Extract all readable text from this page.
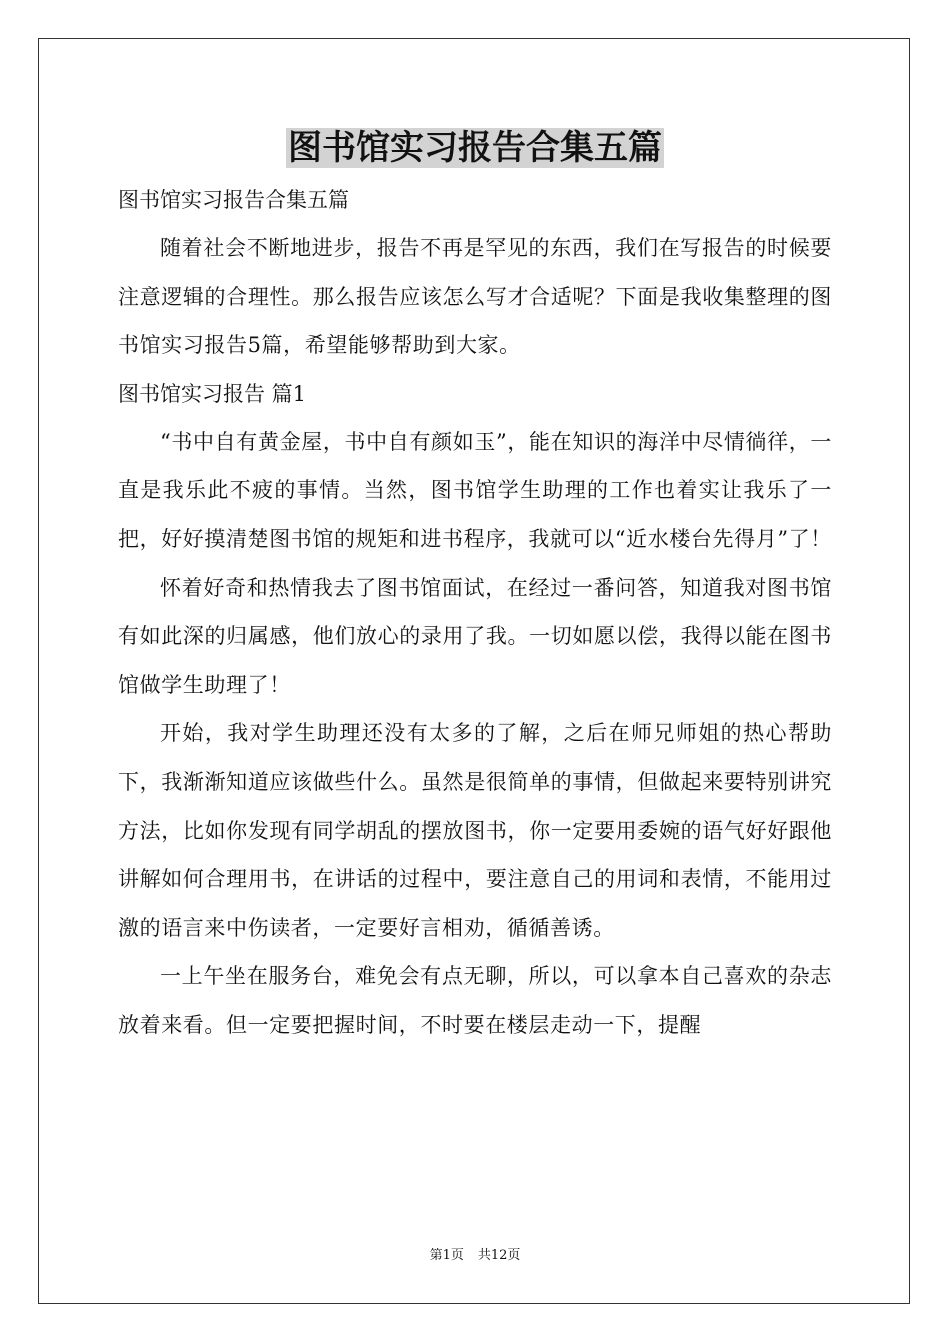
图书馆实习报告合集五篇

图书馆实习报告合集五篇

随着社会不断地进步，报告不再是罕见的东西，我们在写报告的时候要注意逻辑的合理性。那么报告应该怎么写才合适呢？下面是我收集整理的图书馆实习报告5篇，希望能够帮助到大家。

图书馆实习报告 篇1

“书中自有黄金屋，书中自有颜如玉”，能在知识的海洋中尽情徜徉，一直是我乐此不疲的事情。当然，图书馆学生助理的工作也着实让我乐了一把，好好摸清楚图书馆的规矩和进书程序，我就可以“近水楼台先得月”了！

怀着好奇和热情我去了图书馆面试，在经过一番问答，知道我对图书馆有如此深的归属感，他们放心的录用了我。一切如愿以偿，我得以能在图书馆做学生助理了！

开始，我对学生助理还没有太多的了解，之后在师兄师姐的热心帮助下，我渐渐知道应该做些什么。虽然是很简单的事情，但做起来要特别讲究方法，比如你发现有同学胡乱的摆放图书，你一定要用委婉的语气好好跟他讲解如何合理用书，在讲话的过程中，要注意自己的用词和表情，不能用过激的语言来中伤读者，一定要好言相劝，循循善诱。

一上午坐在服务台，难免会有点无聊，所以，可以拿本自己喜欢的杂志放着来看。但一定要把握时间，不时要在楼层走动一下，提醒

第1页 共12页
